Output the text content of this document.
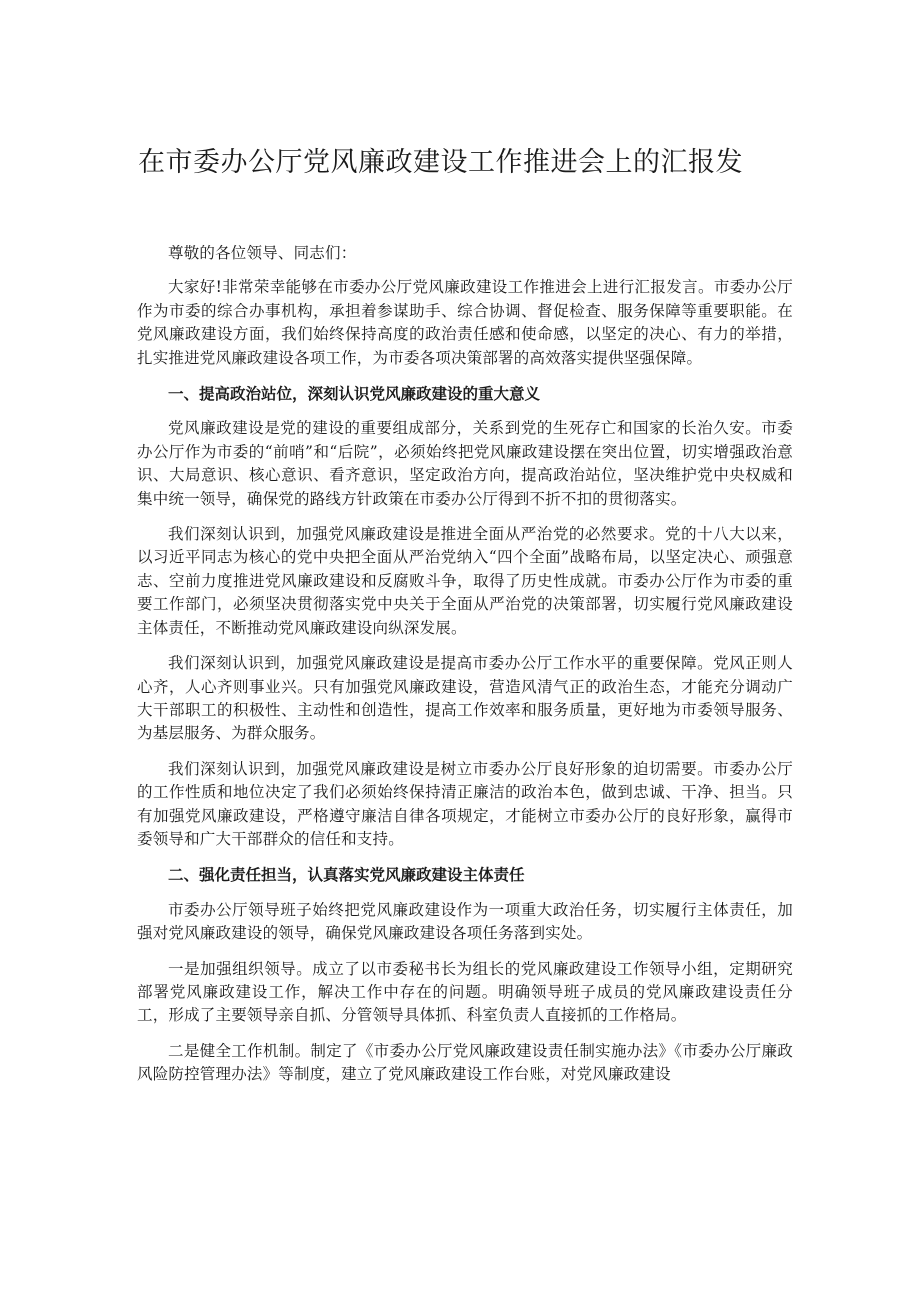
在市委办公厅党风廉政建设工作推进会上的汇报发

尊敬的各位领导、同志们：

大家好!非常荣幸能够在市委办公厅党风廉政建设工作推进会上进行汇报发言。市委办公厅作为市委的综合办事机构，承担着参谋助手、综合协调、督促检查、服务保障等重要职能。在党风廉政建设方面，我们始终保持高度的政治责任感和使命感，以坚定的决心、有力的举措，扎实推进党风廉政建设各项工作，为市委各项决策部署的高效落实提供坚强保障。

一、提高政治站位，深刻认识党风廉政建设的重大意义

党风廉政建设是党的建设的重要组成部分，关系到党的生死存亡和国家的长治久安。市委办公厅作为市委的“前哨”和“后院”，必须始终把党风廉政建设摆在突出位置，切实增强政治意识、大局意识、核心意识、看齐意识，坚定政治方向，提高政治站位，坚决维护党中央权威和集中统一领导，确保党的路线方针政策在市委办公厅得到不折不扣的贯彻落实。

我们深刻认识到，加强党风廉政建设是推进全面从严治党的必然要求。党的十八大以来，以习近平同志为核心的党中央把全面从严治党纳入“四个全面”战略布局，以坚定决心、顽强意志、空前力度推进党风廉政建设和反腐败斗争，取得了历史性成就。市委办公厅作为市委的重要工作部门，必须坚决贯彻落实党中央关于全面从严治党的决策部署，切实履行党风廉政建设主体责任，不断推动党风廉政建设向纵深发展。

我们深刻认识到，加强党风廉政建设是提高市委办公厅工作水平的重要保障。党风正则人心齐，人心齐则事业兴。只有加强党风廉政建设，营造风清气正的政治生态，才能充分调动广大干部职工的积极性、主动性和创造性，提高工作效率和服务质量，更好地为市委领导服务、为基层服务、为群众服务。

我们深刻认识到，加强党风廉政建设是树立市委办公厅良好形象的迫切需要。市委办公厅的工作性质和地位决定了我们必须始终保持清正廉洁的政治本色，做到忠诚、干净、担当。只有加强党风廉政建设，严格遵守廉洁自律各项规定，才能树立市委办公厅的良好形象，赢得市委领导和广大干部群众的信任和支持。

二、强化责任担当，认真落实党风廉政建设主体责任

市委办公厅领导班子始终把党风廉政建设作为一项重大政治任务，切实履行主体责任，加强对党风廉政建设的领导，确保党风廉政建设各项任务落到实处。

一是加强组织领导。成立了以市委秘书长为组长的党风廉政建设工作领导小组，定期研究部署党风廉政建设工作，解决工作中存在的问题。明确领导班子成员的党风廉政建设责任分工，形成了主要领导亲自抓、分管领导具体抓、科室负责人直接抓的工作格局。

二是健全工作机制。制定了《市委办公厅党风廉政建设责任制实施办法》《市委办公厅廉政风险防控管理办法》等制度，建立了党风廉政建设工作台账，对党风廉政建设
